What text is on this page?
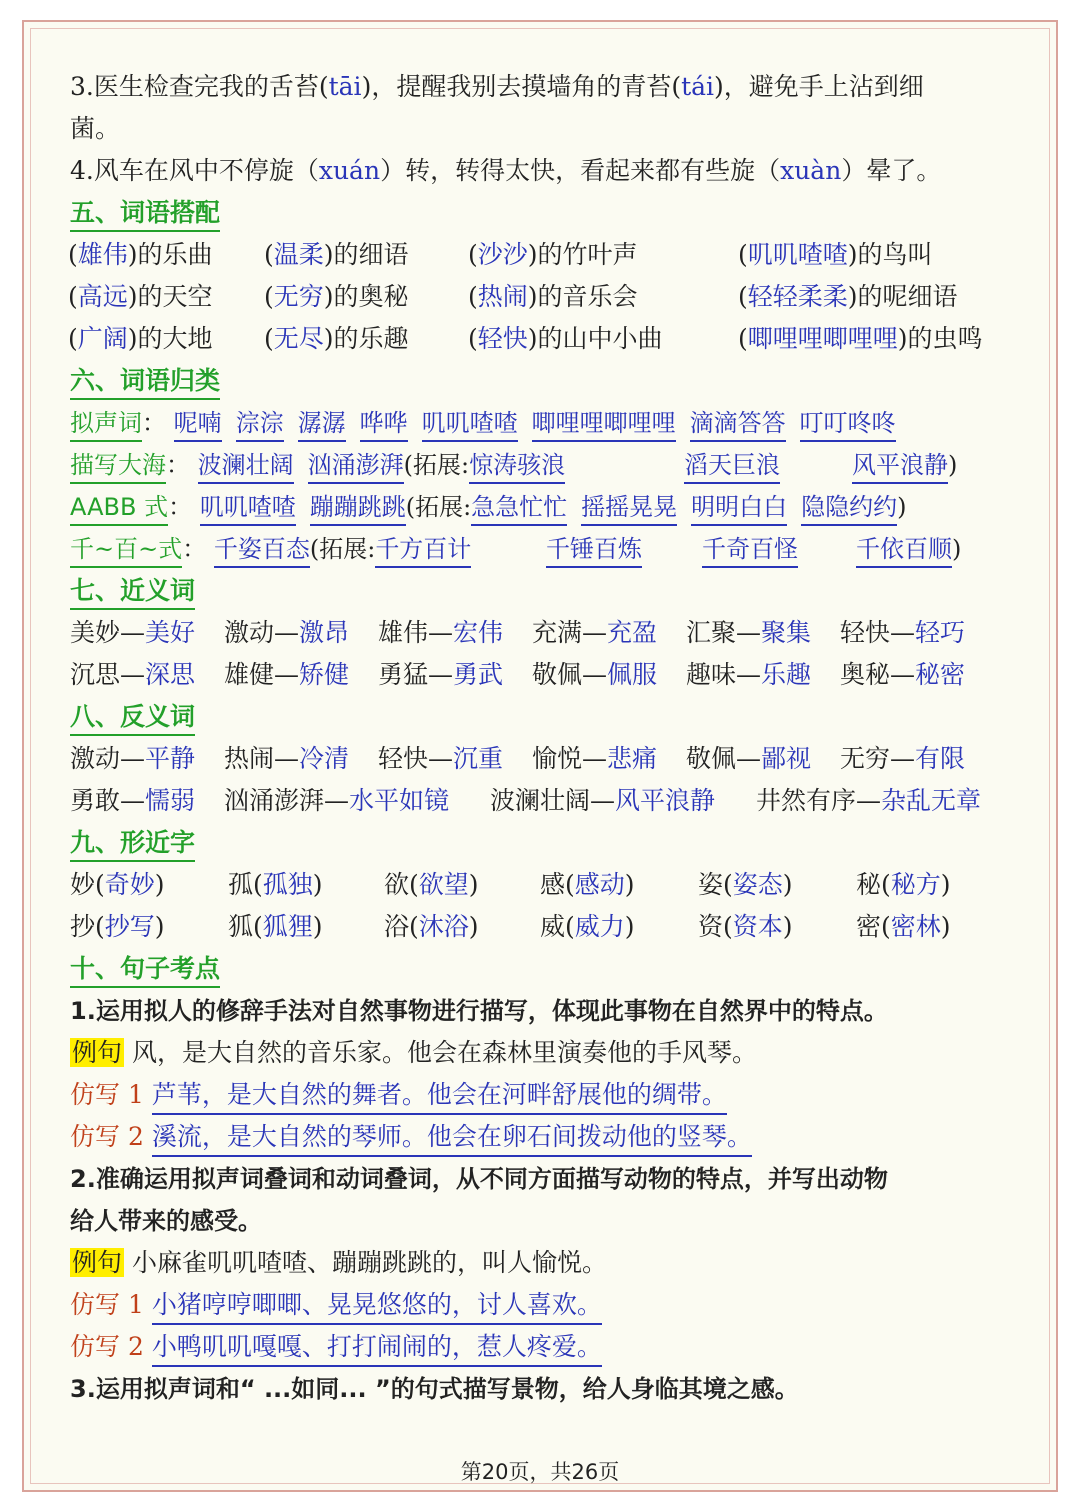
3.医生检查完我的舌苔(tāi)，提醒我别去摸墙角的青苔(tái)，避免手上沾到细
菌。
4.风车在风中不停旋（xuán）转，转得太快，看起来都有些旋（xuàn）晕了。
五、词语搭配
(雄伟)的乐曲 (温柔)的细语 (沙沙)的竹叶声	(叽叽喳喳)的鸟叫
(高远)的天空 (无穷)的奥秘 (热闹)的音乐会	(轻轻柔柔)的呢细语
(广阔)的大地 (无尽)的乐趣 (轻快)的山中小曲	(唧哩哩唧哩哩)的虫鸣
六、词语归类
拟声词： 呢喃 淙淙 潺潺 哗哗 叽叽喳喳 唧哩哩唧哩哩 滴滴答答 叮叮咚咚
描写大海： 波澜壮阔 汹涌澎湃(拓展:惊涛骇浪	滔天巨浪	风平浪静)
AABB 式： 叽叽喳喳 蹦蹦跳跳(拓展:急急忙忙 摇摇晃晃 明明白白 隐隐约约)
千~百~式： 千姿百态(拓展:千方百计	千锤百炼	千奇百怪 千依百顺)
七、近义词
美妙—美好 激动—激昂 雄伟—宏伟 充满—充盈 汇聚—聚集 轻快—轻巧
沉思—深思 雄健—矫健 勇猛—勇武 敬佩—佩服 趣味—乐趣 奥秘—秘密
八、反义词
激动—平静 热闹—冷清 轻快—沉重 愉悦—悲痛 敬佩—鄙视 无穷—有限
勇敢—懦弱 汹涌澎湃—水平如镜 波澜壮阔—风平浪静 井然有序—杂乱无章
九、形近字
妙(奇妙)	孤(孤独) 欲(欲望) 感(感动)	姿(姿态)	秘(秘方)
抄(抄写)	狐(狐狸) 浴(沐浴) 威(威力)	资(资本)	密(密林)
十、句子考点
1.运用拟人的修辞手法对自然事物进行描写，体现此事物在自然界中的特点。
例句 风，是大自然的音乐家。他会在森林里演奏他的手风琴。
仿写 1 芦苇，是大自然的舞者。他会在河畔舒展他的绸带。
仿写 2 溪流，是大自然的琴师。他会在卵石间拨动他的竖琴。
2.准确运用拟声词叠词和动词叠词，从不同方面描写动物的特点，并写出动物
给人带来的感受。
例句 小麻雀叽叽喳喳、蹦蹦跳跳的，叫人愉悦。
仿写 1 小猪哼哼唧唧、晃晃悠悠的，讨人喜欢。
仿写 2 小鸭叽叽嘎嘎、打打闹闹的，惹人疼爱。
3.运用拟声词和“ ...如同... ”的句式描写景物，给人身临其境之感。
第20页，共26页
